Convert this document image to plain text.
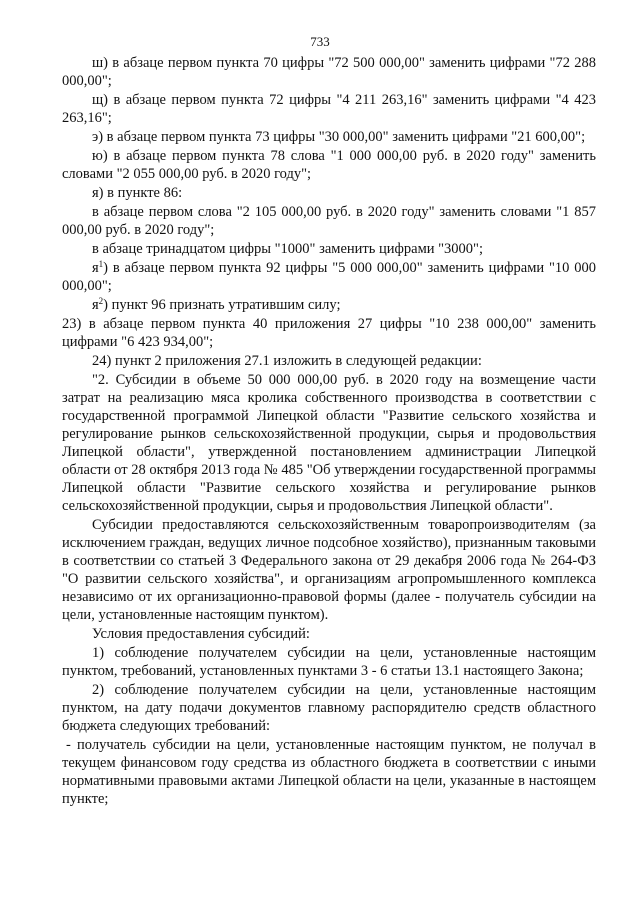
733

ш) в абзаце первом пункта 70 цифры "72 500 000,00" заменить цифрами "72 288 000,00";

щ) в абзаце первом пункта 72 цифры "4 211 263,16" заменить цифрами "4 423 263,16";

э) в абзаце первом пункта 73 цифры "30 000,00" заменить цифрами "21 600,00";

ю) в абзаце первом пункта 78 слова "1 000 000,00 руб. в 2020 году" заменить словами "2 055 000,00 руб. в 2020 году";

я) в пункте 86:

в абзаце первом слова "2 105 000,00 руб. в 2020 году" заменить словами "1 857 000,00 руб. в 2020 году";

в абзаце тринадцатом цифры "1000" заменить цифрами "3000";

$я^1$) в абзаце первом пункта 92 цифры "5 000 000,00" заменить цифрами "10 000 000,00";

$я^2$) пункт 96 признать утратившим силу;

23) в абзаце первом пункта 40 приложения 27 цифры "10 238 000,00" заменить цифрами "6 423 934,00";

24) пункт 2 приложения 27.1 изложить в следующей редакции:

"2. Субсидии в объеме 50 000 000,00 руб. в 2020 году на возмещение части затрат на реализацию мяса кролика собственного производства в соответствии с государственной программой Липецкой области "Развитие сельского хозяйства и регулирование рынков сельскохозяйственной продукции, сырья и продовольствия Липецкой области", утвержденной постановлением администрации Липецкой области от 28 октября 2013 года № 485 "Об утверждении государственной программы Липецкой области "Развитие сельского хозяйства и регулирование рынков сельскохозяйственной продукции, сырья и продовольствия Липецкой области".

Субсидии предоставляются сельскохозяйственным товаропроизводителям (за исключением граждан, ведущих личное подсобное хозяйство), признанным таковыми в соответствии со статьей 3 Федерального закона от 29 декабря 2006 года № 264-ФЗ "О развитии сельского хозяйства", и организациям агропромышленного комплекса независимо от их организационно-правовой формы (далее - получатель субсидии на цели, установленные настоящим пунктом).

Условия предоставления субсидий:

1) соблюдение получателем субсидии на цели, установленные настоящим пунктом, требований, установленных пунктами 3 - 6 статьи 13.1 настоящего Закона;

2) соблюдение получателем субсидии на цели, установленные настоящим пунктом, на дату подачи документов главному распорядителю средств областного бюджета следующих требований:

- получатель субсидии на цели, установленные настоящим пунктом, не получал в текущем финансовом году средства из областного бюджета в соответствии с иными нормативными правовыми актами Липецкой области на цели, указанные в настоящем пункте;
